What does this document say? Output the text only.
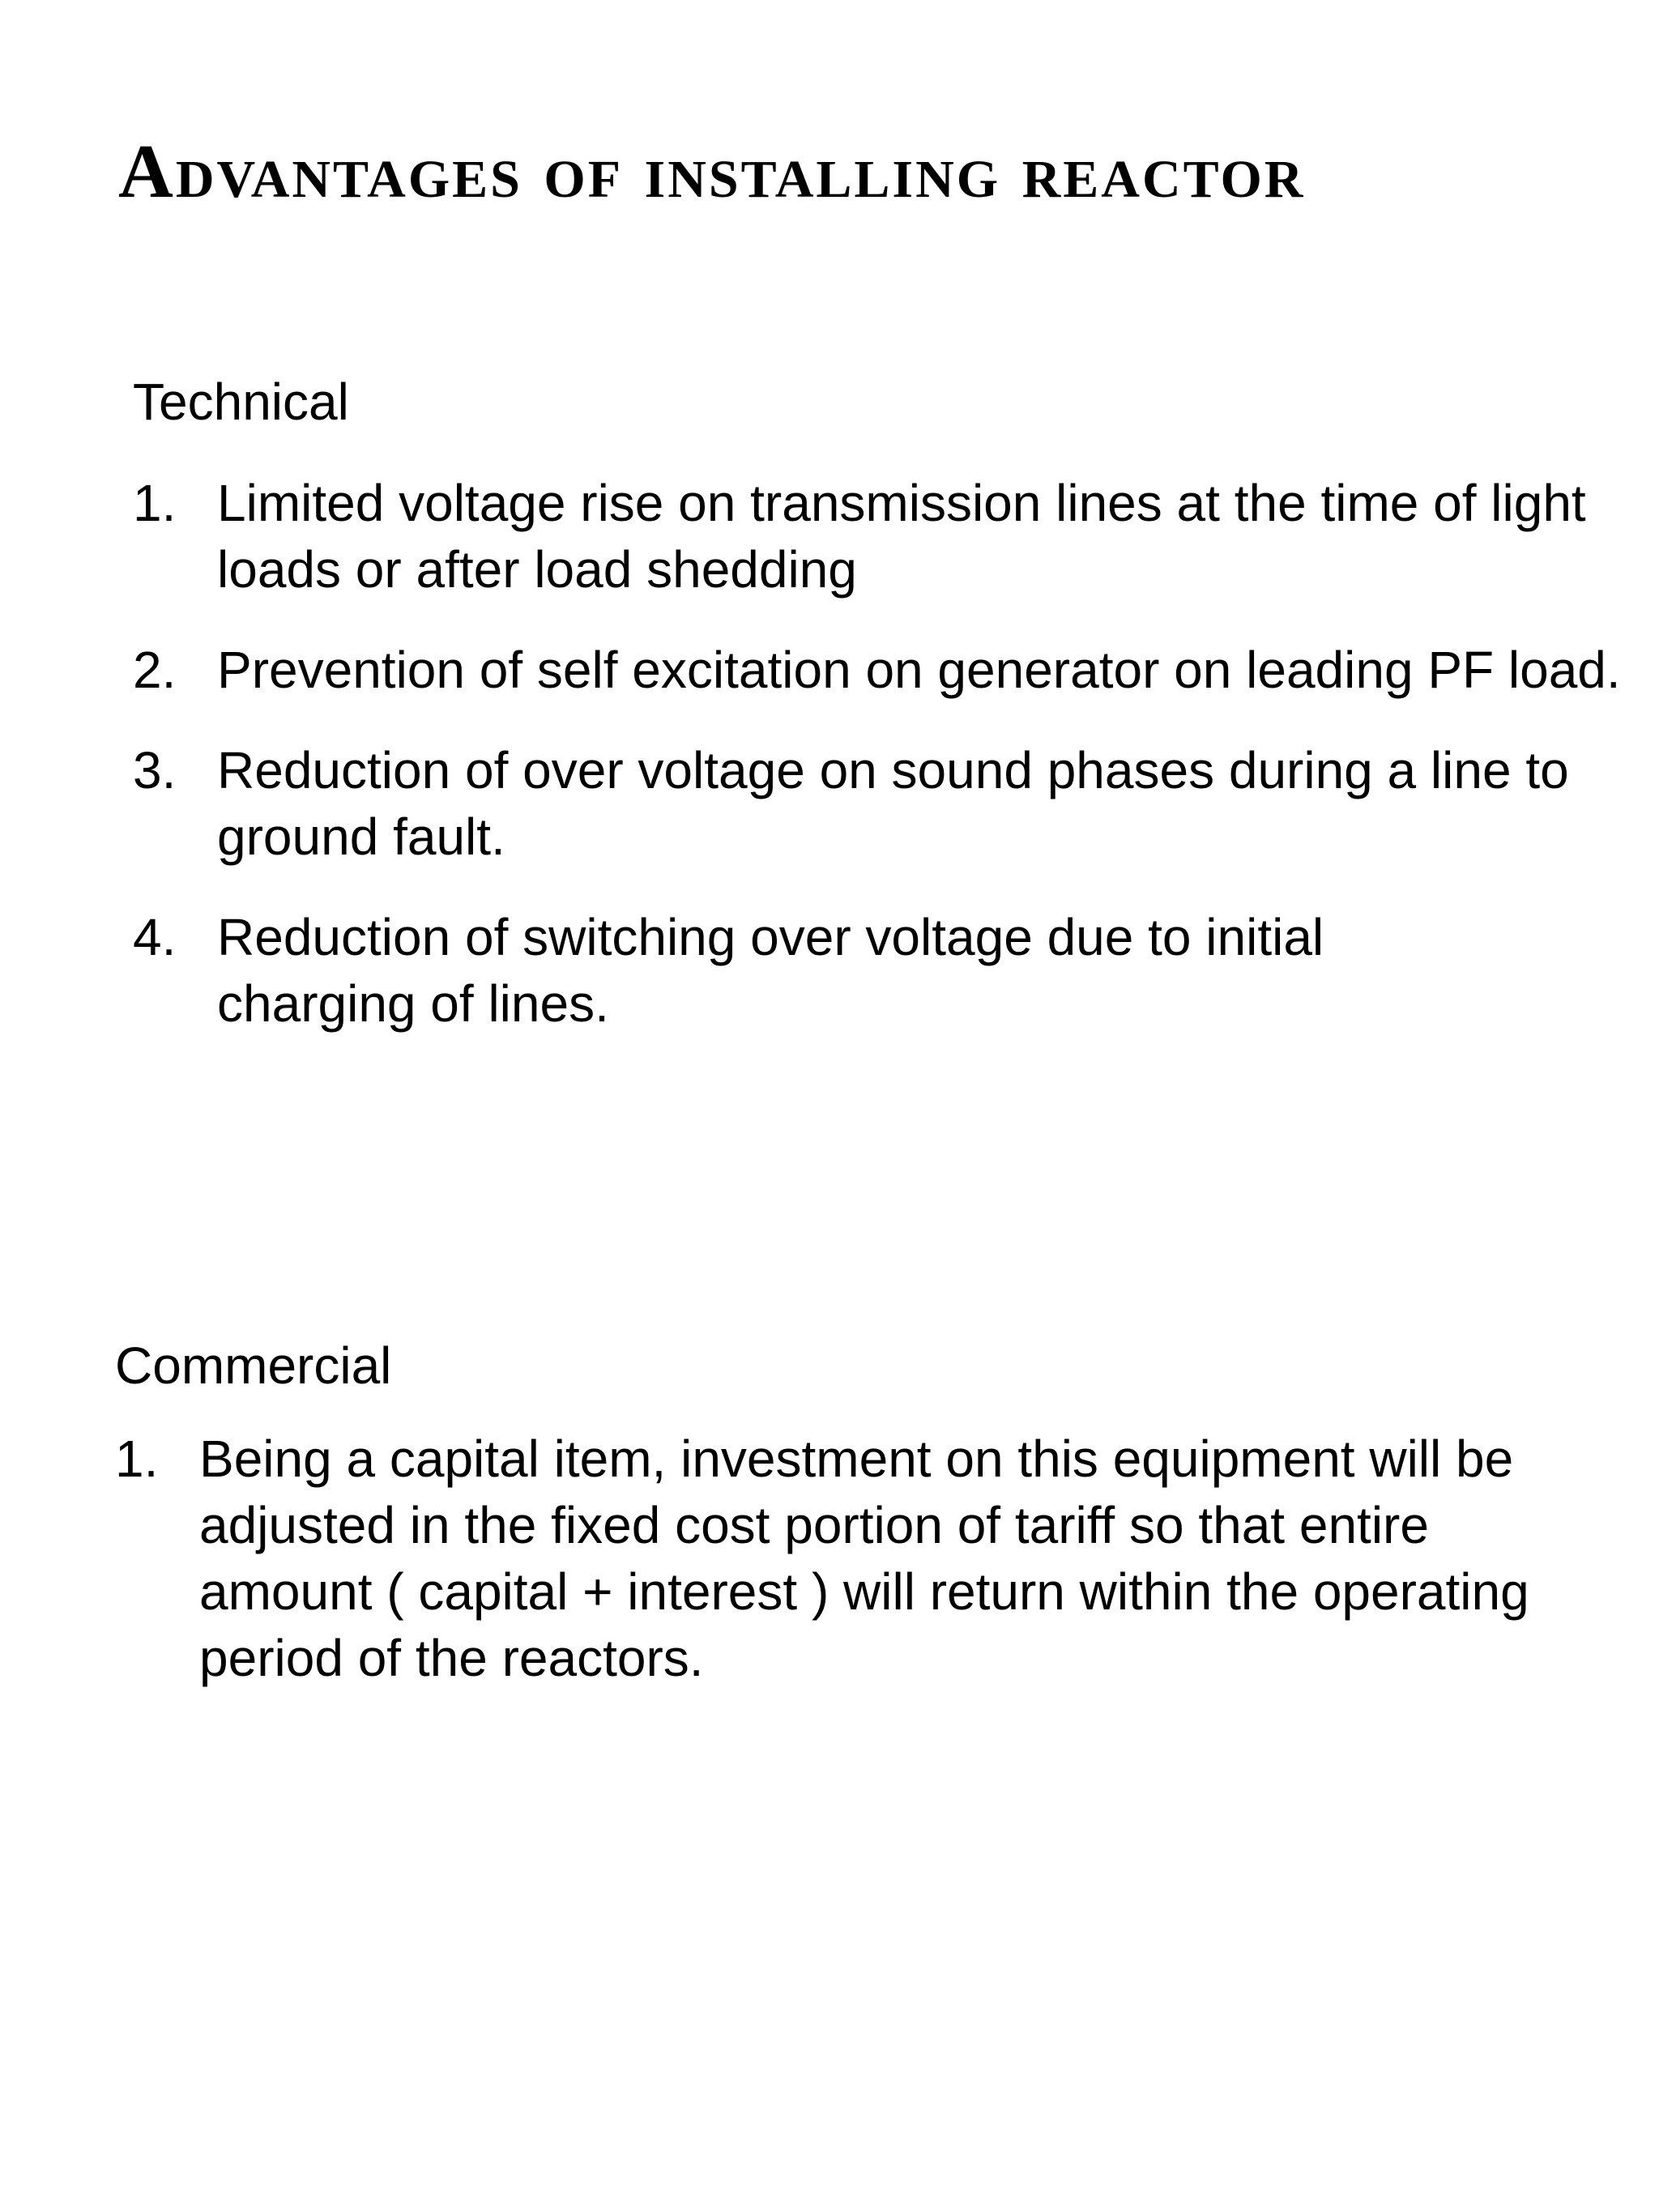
Advantages of installing reactor
Technical
1. Limited voltage rise on transmission lines at the time of light loads or after load shedding
2. Prevention of self excitation on generator on leading PF load.
3. Reduction of over voltage on sound phases during a line to ground fault.
4. Reduction of switching over voltage due to initial charging of lines.
Commercial
1. Being a capital item, investment on this equipment will be adjusted in the fixed cost portion of tariff so that entire amount ( capital + interest ) will return within the operating period of the reactors.
